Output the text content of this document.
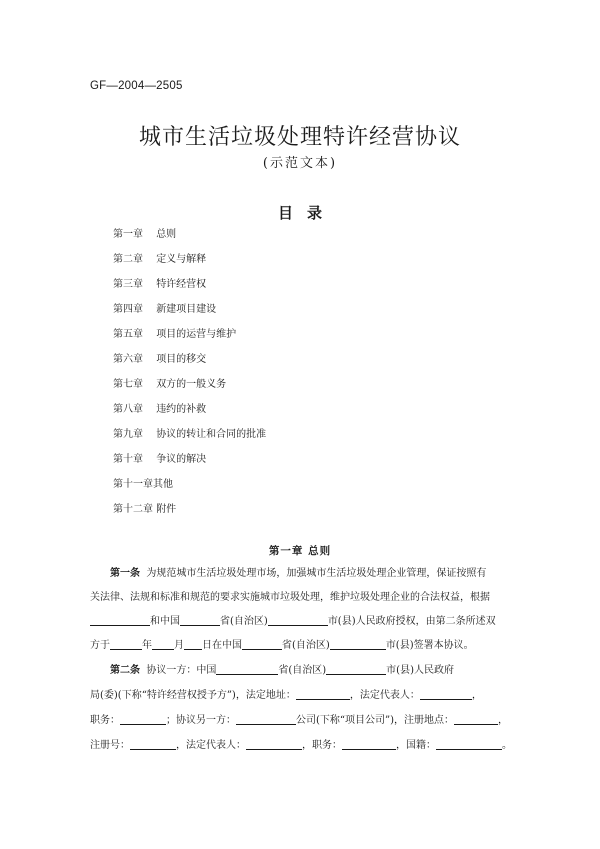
GF—2004—2505
城市生活垃圾处理特许经营协议
(示范文本)
目录
第一章 总则
第二章 定义与解释
第三章 特许经营权
第四章 新建项目建设
第五章 项目的运营与维护
第六章 项目的移交
第七章 双方的一般义务
第八章 违约的补救
第九章 协议的转让和合同的批准
第十章 争议的解决
第十一章其他
第十二章 附件
第一章 总则
第一条 为规范城市生活垃圾处理市场，加强城市生活垃圾处理企业管理，保证按照有
关法律、法规和标准和规范的要求实施城市垃圾处理，维护垃圾处理企业的合法权益，根据
和中国	省(自治区)	市(县)人民政府授权，由第二条所述双
方于	年 月 日在中国	省(自治区)	市(县)签署本协议。
第二条 协议一方：中国	省(自治区)	市(县)人民政府
局(委)(下称“特许经营权授予方”)，法定地址：	，法定代表人：	，
职务：	；协议另一方：	公司(下称“项目公司”)，注册地点：	，
注册号：	，法定代表人：	，职务：	，国籍：	。
